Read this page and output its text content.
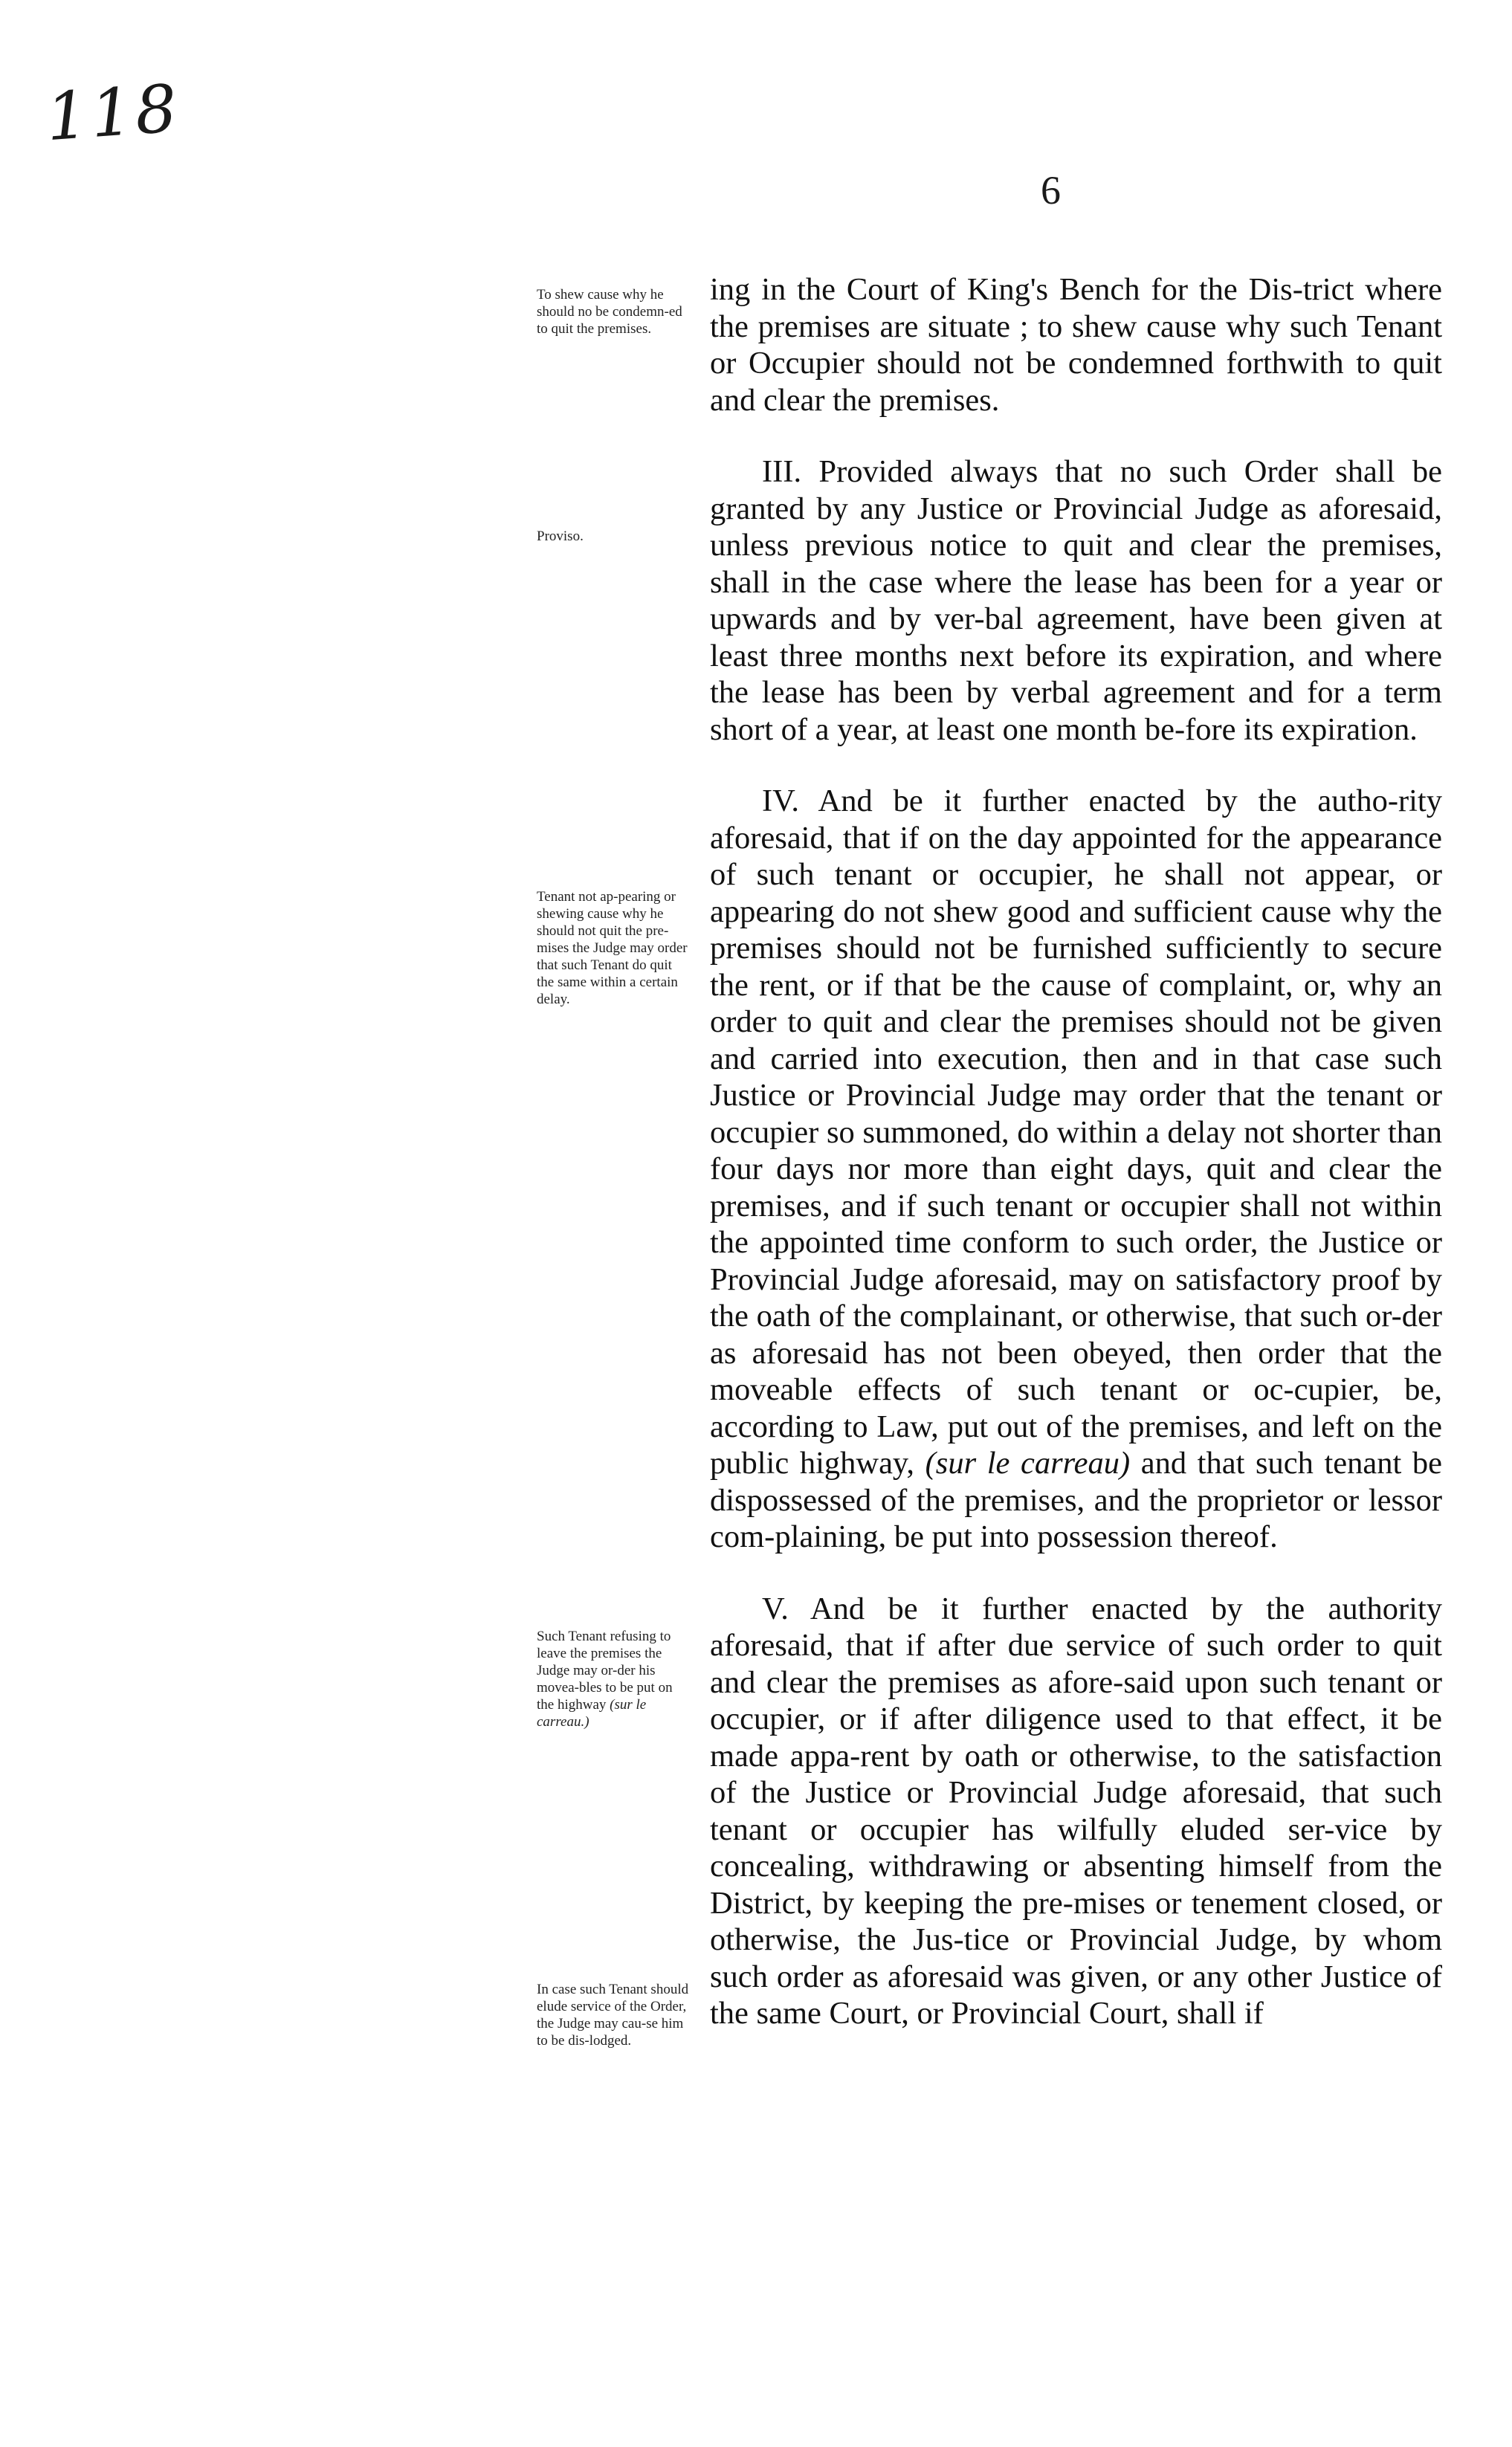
118
6
To shew cause why he should no be condemn-ed to quit the premises.
Proviso.
Tenant not ap-pearing or shewing cause why he should not quit the pre-mises the Judge may order that such Tenant do quit the same within a certain delay.
Such Tenant refusing to leave the premises the Judge may or-der his movea-bles to be put on the highway (sur le carreau.)
In case such Tenant should elude service of the Order, the Judge may cau-se him to be dis-lodged.

ing in the Court of King's Bench for the Dis-trict where the premises are situate ; to shew cause why such Tenant or Occupier should not be condemned forthwith to quit and clear the premises.

III. Provided always that no such Order shall be granted by any Justice or Provincial Judge as aforesaid, unless previous notice to quit and clear the premises, shall in the case where the lease has been for a year or upwards and by ver-bal agreement, have been given at least three months next before its expiration, and where the lease has been by verbal agreement and for a term short of a year, at least one month be-fore its expiration.

IV. And be it further enacted by the autho-rity aforesaid, that if on the day appointed for the appearance of such tenant or occupier, he shall not appear, or appearing do not shew good and sufficient cause why the premises should not be furnished sufficiently to secure the rent, or if that be the cause of complaint, or, why an order to quit and clear the premises should not be given and carried into execution, then and in that case such Justice or Provincial Judge may order that the tenant or occupier so summoned, do within a delay not shorter than four days nor more than eight days, quit and clear the premises, and if such tenant or occupier shall not within the appointed time conform to such order, the Justice or Provincial Judge aforesaid, may on satisfactory proof by the oath of the complainant, or otherwise, that such or-der as aforesaid has not been obeyed, then order that the moveable effects of such tenant or oc-cupier, be, according to Law, put out of the premises, and left on the public highway, (sur le carreau) and that such tenant be dispossessed of the premises, and the proprietor or lessor com-plaining, be put into possession thereof.

V. And be it further enacted by the authority aforesaid, that if after due service of such order to quit and clear the premises as afore-said upon such tenant or occupier, or if after diligence used to that effect, it be made appa-rent by oath or otherwise, to the satisfaction of the Justice or Provincial Judge aforesaid, that such tenant or occupier has wilfully eluded ser-vice by concealing, withdrawing or absenting himself from the District, by keeping the pre-mises or tenement closed, or otherwise, the Jus-tice or Provincial Judge, by whom such order as aforesaid was given, or any other Justice of the same Court, or Provincial Court, shall if
